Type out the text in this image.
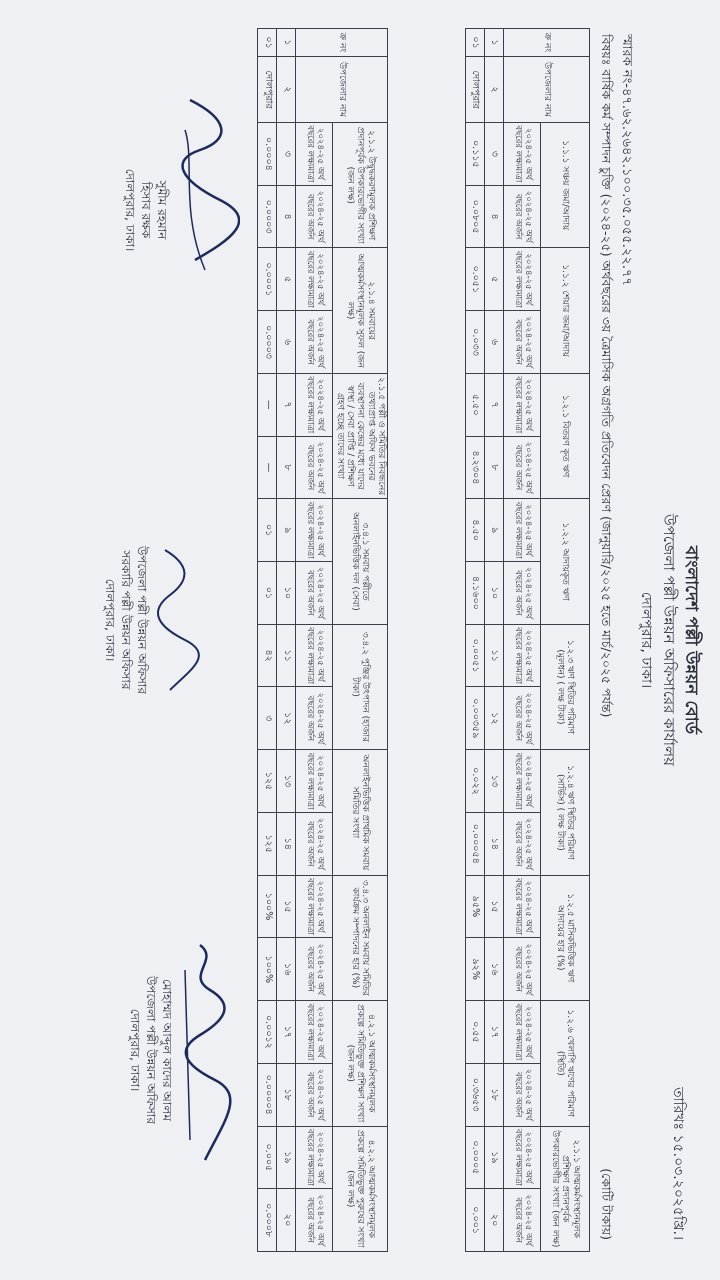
বাংলাদেশ পল্লী উন্নয়ন বোর্ড
উপজেলা পল্লী উন্নয়ন অফিসারের কার্যালয়
দোলপুরার, ঢাকা।
তারিখঃ ১৫.০৩.২০২৫খ্রি.।
স্মারক নং-৪৭.৬২.২৬৪২.১০০.৩৫.০৫৫.২২.৭৭
বিষয়ঃ বার্ষিক কর্ম সম্পাদন চুক্তি (২০২৪-২৫) অর্থবছরের ৩য় ত্রৈমাসিক অগ্রগতি প্রতিবেদন প্রেরণ (জানুয়ারি/২০২৫ হতে মার্চ/২০২৫ পর্যন্ত)
(কোটি টাকায়)
ক্র নং	উপজেলার নাম	১.১.১ সঞ্চয় জমা/আদায়		১.১.২ শেয়ার জমা/আদায়		১.২.১ বিতরণ কৃত ঋণ		১.২.২ আদায়কৃত ঋণ		১.২.৩ ঋণ স্থিতির পরিমাণ (মূলধন) ( লক্ষ টাকা)		১.২.৪ ঋণ স্থিতির পরিমাণ (সার্ভিস) ( লক্ষ টাকা)		১.২.৫ মাসিকভিত্তিক ঋণ আদায়ের হার (%)		১.২.৬ খেলাপি ঋণের পরিমাণ (স্থিতি)		২.১.১ আত্মকর্মসংস্থানমূলক প্রশিক্ষণ প্রদানপূর্বক উপকারভোগীর সংখ্যা (জন লক্ষ)	
		২০২৪-২৫ অর্থ বছরের লক্ষ্যমাত্রা	২০২৪-২৫ অর্থ বছরের অর্জন	২০২৪-২৫ অর্থ বছরের লক্ষ্যমাত্রা	২০২৪-২৫ অর্থ বছরের অর্জন	২০২৪-২৫ অর্থ বছরের লক্ষ্যমাত্রা	২০২৪-২৫ অর্থ বছরের অর্জন	২০২৪-২৫ অর্থ বছরের লক্ষ্যমাত্রা	২০২৪-২৫ অর্থ বছরের অর্জন	২০২৪-২৫ অর্থ বছরের লক্ষ্যমাত্রা	২০২৪-২৫ অর্থ বছরের অর্জন	২০২৪-২৫ অর্থ বছরের লক্ষ্যমাত্রা	২০২৪-২৫ অর্থ বছরের অর্জন	২০২৪-২৫ অর্থ বছরের লক্ষ্যমাত্রা	২০২৪-২৫ অর্থ বছরের অর্জন	২০২৪-২৫ অর্থ বছরের লক্ষ্যমাত্রা	২০২৪-২৫ অর্থ বছরের অর্জন	২০২৪-২৫ অর্থ বছরের লক্ষ্যমাত্রা	২০২৪-২৫ অর্থ বছরের অর্জন
১	২	৩	৪	৫	৬	৭	৮	৯	১০	১১	১২	১৩	১৪	১৫	১৬	১৭	১৮	১৯	২০
০১	দোলপুরার	০.১১৫	০.০৮০৫	০.০৫১	০.০৩৩	৫.৫০	৪.২৩০৪	৪.৫০	৪.১৬০০	০.০০৫১	০.০০৩৫৯	০.০২২	০.০০০৫৪	৯৫%	৯২%	০.৫৫	০.৩৬৫৩	০.০০০৫	০.০০১
ক্র নং	উপজেলার নাম	২.১.২ উদ্বুদ্ধকরণমূলক প্রশিক্ষণ প্রদানপূর্বক উপকারভোগীর সংখ্যা (জন লক্ষ)		২.১.৪ সমবায়ের আত্মকর্মসংস্থানমূলক সুফল (জন লক্ষ)		২.১.৫ পল্লী ও সমিতির নিবন্ধনের তথ্যাপ্রাপ্ত অফিস ভবনের ব্যবস্থাপনা কেন্দ্রের মধ্যে যাদের স্বাস্থ্য / সেবা প্রাপ্তি / প্রশিক্ষণ গ্রহণ হচ্ছে তাদের সংখ্যা		৩.৪.১ সমবায় পল্লীতে অনলাইনভিত্তিক দল (সেবা)		৩.৪.২ পুঞ্জির উৎপাদন (হাজার টাকা)		অনলাইনভিত্তিক প্রাথমিক সমবায় সমিতির সংখ্যা		৩.৪.৩ অনলাইন সমবায় সমিতির কার্যক্রম সম্পাদনের হার (%)		৪.২.১ আত্মকর্মসংস্থানমূলক প্রকল্পে সমিতিভুক্ত প্রশিক্ষণ সংখ্যা (জন লক্ষ)		৪.২.২ আত্মকর্মসংস্থানমূলক প্রকল্পে সমিতিভুক্ত পুরুষের সংখ্যা (জন লক্ষ)	
		২০২৪-২৫ অর্থ বছরের লক্ষ্যমাত্রা	২০২৪-২৫ অর্থ বছরের অর্জন	২০২৪-২৫ অর্থ বছরের লক্ষ্যমাত্রা	২০২৪-২৫ অর্থ বছরের অর্জন	২০২৪-২৫ অর্থ বছরের লক্ষ্যমাত্রা	২০২৪-২৫ অর্থ বছরের অর্জন	২০২৪-২৫ অর্থ বছরের লক্ষ্যমাত্রা	২০২৪-২৫ অর্থ বছরের অর্জন	২০২৪-২৫ অর্থ বছরের লক্ষ্যমাত্রা	২০২৪-২৫ অর্থ বছরের অর্জন	২০২৪-২৫ অর্থ বছরের লক্ষ্যমাত্রা	২০২৪-২৫ অর্থ বছরের অর্জন	২০২৪-২৫ অর্থ বছরের লক্ষ্যমাত্রা	২০২৪-২৫ অর্থ বছরের অর্জন	২০২৪-২৫ অর্থ বছরের লক্ষ্যমাত্রা	২০২৪-২৫ অর্থ বছরের অর্জন	২০২৪-২৫ অর্থ বছরের লক্ষ্যমাত্রা	২০২৪-২৫ অর্থ বছরের অর্জন
১	২	৩	৪	৫	৬	৭	৮	৯	১০	১১	১২	১৩	১৪	১৫	১৬	১৭	১৮	১৯	২০
০১	দোলপুরার	০.০০০৪	০.০০০৩	০.০০০১	০.০০০৩	—	—	০১	০১	৪২	৩	১২৫	১২৫	১০০%	১০০%	০.০০১২	০.০০০০৪	০.০০৫	০.০০০৮
সুমীম রহমান
হিসাব রক্ষক
দোলপুরার, ঢাকা।
উপজেলা পল্লী উন্নয়ন অফিসার
সরকারি পল্লী উন্নয়ন অফিসার
দোলপুরার, ঢাকা।
মোহাম্মদ আব্দুল কাদের আলম
উপজেলা পল্লী উন্নয়ন অফিসার
দোলপুরার, ঢাকা।
